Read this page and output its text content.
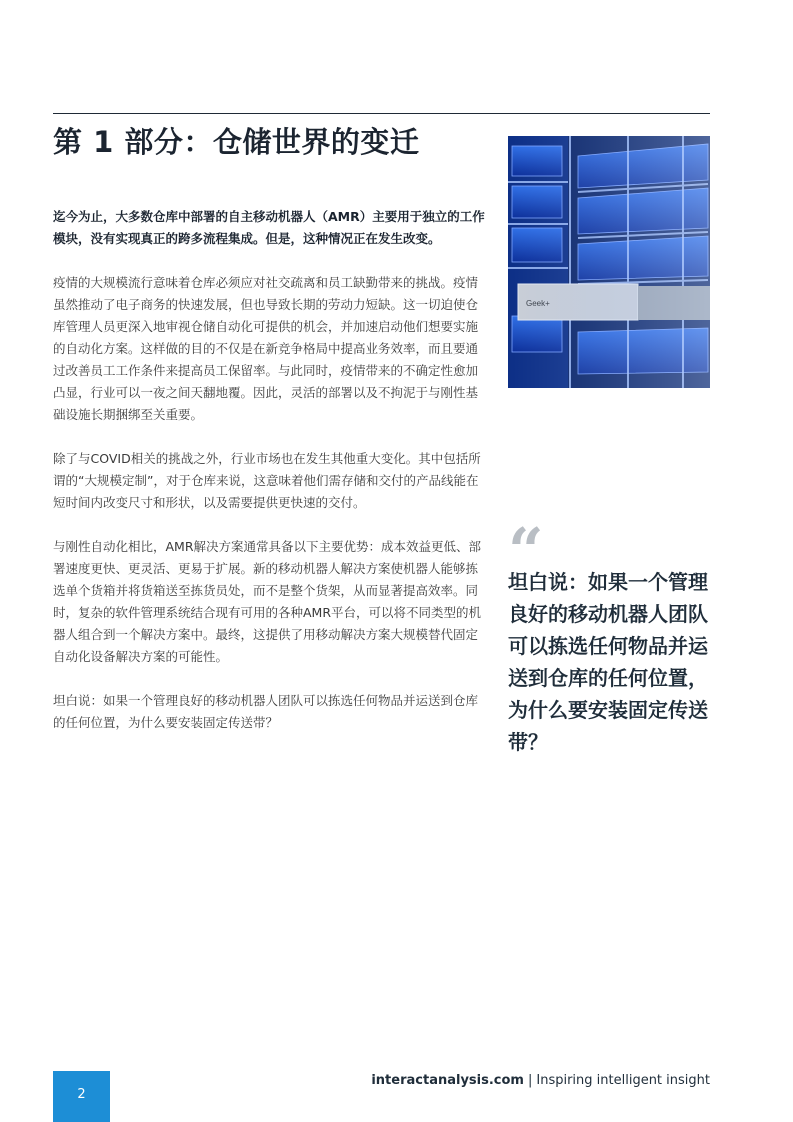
第 1 部分：仓储世界的变迁

迄今为止，大多数仓库中部署的自主移动机器人（AMR）主要用于独立的工作模块，没有实现真正的跨多流程集成。但是，这种情况正在发生改变。

疫情的大规模流行意味着仓库必须应对社交疏离和员工缺勤带来的挑战。疫情虽然推动了电子商务的快速发展，但也导致长期的劳动力短缺。这一切迫使仓库管理人员更深入地审视仓储自动化可提供的机会，并加速启动他们想要实施的自动化方案。这样做的目的不仅是在新竞争格局中提高业务效率，而且要通过改善员工工作条件来提高员工保留率。与此同时，疫情带来的不确定性愈加凸显，行业可以一夜之间天翻地覆。因此，灵活的部署以及不拘泥于与刚性基础设施长期捆绑至关重要。

除了与COVID相关的挑战之外，行业市场也在发生其他重大变化。其中包括所谓的“大规模定制”，对于仓库来说，这意味着他们需存储和交付的产品线能在短时间内改变尺寸和形状，以及需要提供更快速的交付。

与刚性自动化相比，AMR解决方案通常具备以下主要优势：成本效益更低、部署速度更快、更灵活、更易于扩展。新的移动机器人解决方案使机器人能够拣选单个货箱并将货箱送至拣货员处，而不是整个货架，从而显著提高效率。同时，复杂的软件管理系统结合现有可用的各种AMR平台，可以将不同类型的机器人组合到一个解决方案中。最终，这提供了用移动解决方案大规模替代固定自动化设备解决方案的可能性。

坦白说：如果一个管理良好的移动机器人团队可以拣选任何物品并运送到仓库的任何位置，为什么要安装固定传送带？

“
坦白说：如果一个管理良好的移动机器人团队可以拣选任何物品并运送到仓库的任何位置，为什么要安装固定传送带？
2
interactanalysis.com | Inspiring intelligent insight
